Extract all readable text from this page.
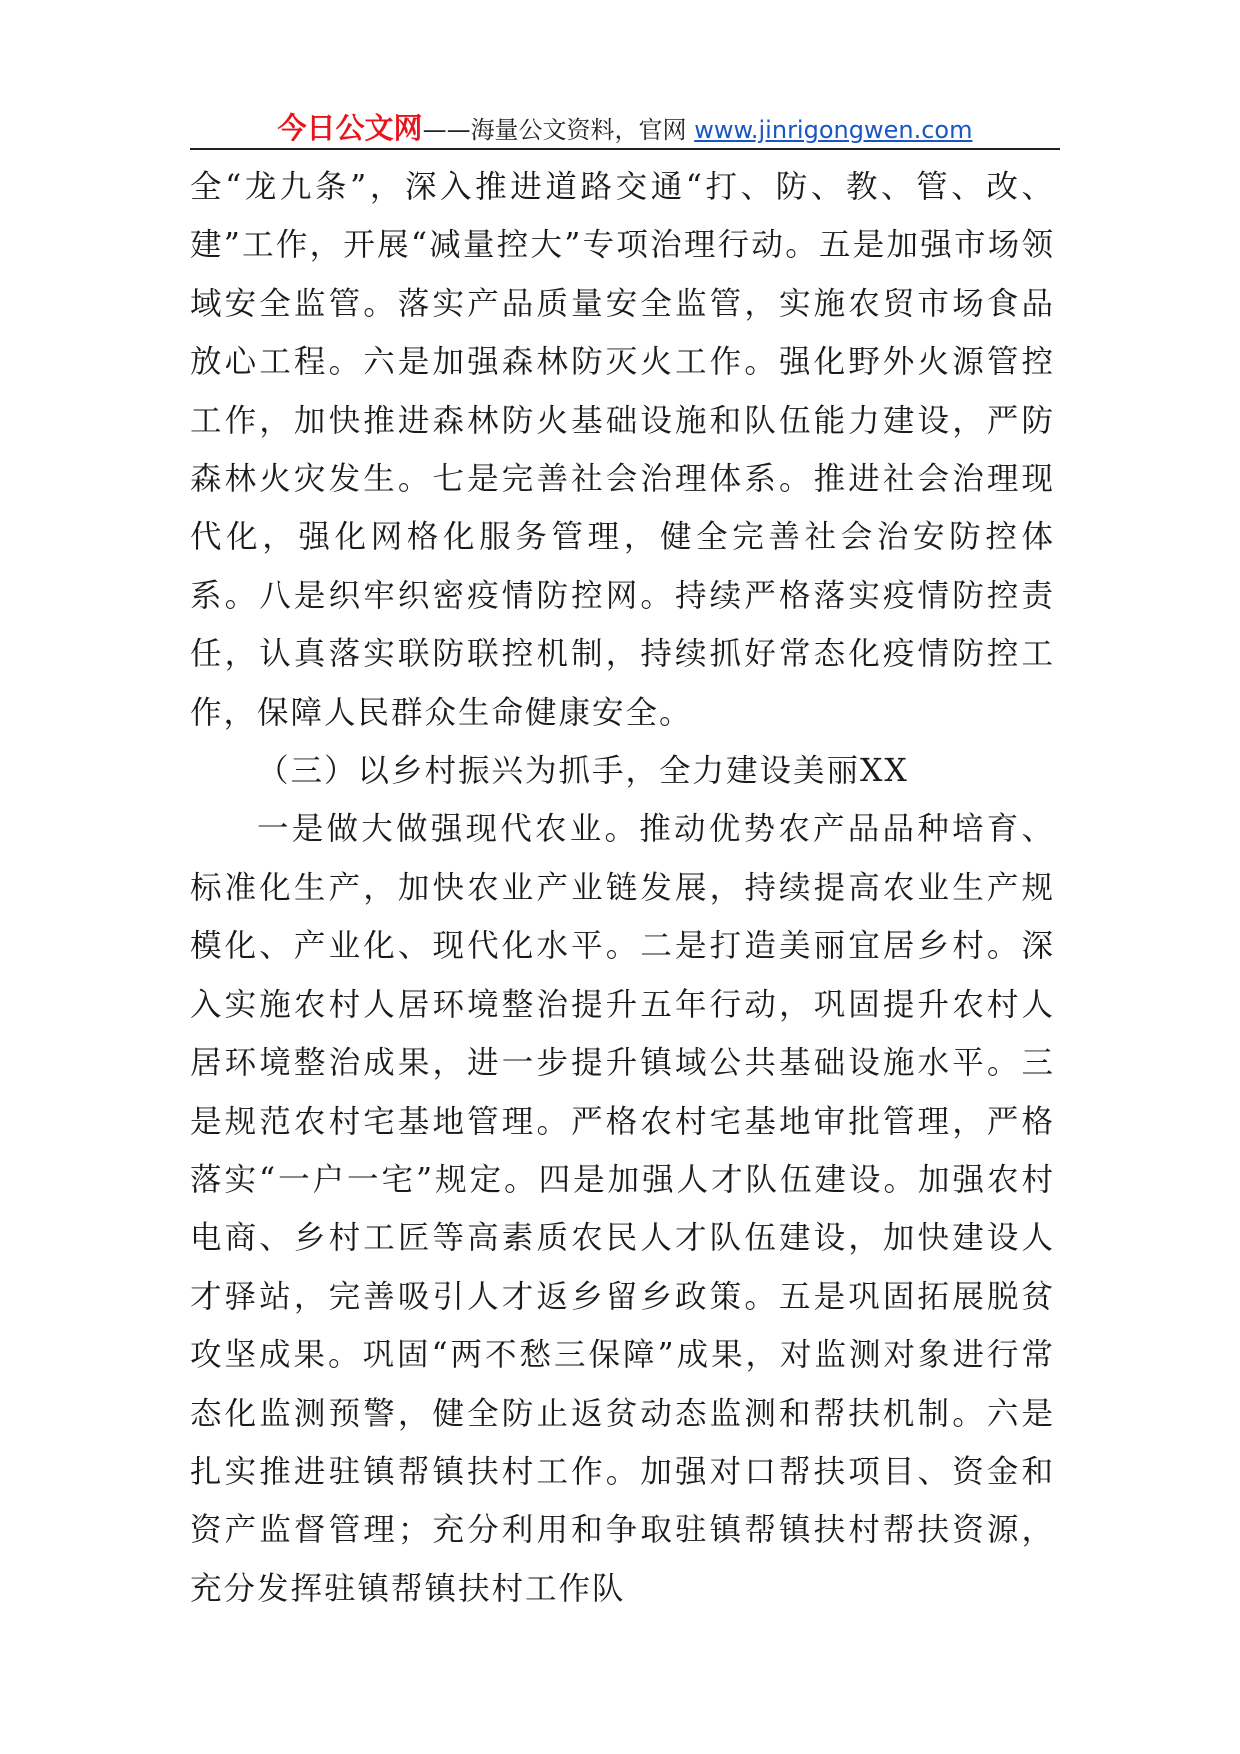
今日公文网——海量公文资料，官网 www.jinrigongwen.com

全“龙九条”，深入推进道路交通“打、防、教、管、改、建”工作，开展“减量控大”专项治理行动。五是加强市场领域安全监管。落实产品质量安全监管，实施农贸市场食品放心工程。六是加强森林防灭火工作。强化野外火源管控工作，加快推进森林防火基础设施和队伍能力建设，严防森林火灾发生。七是完善社会治理体系。推进社会治理现代化，强化网格化服务管理，健全完善社会治安防控体系。八是织牢织密疫情防控网。持续严格落实疫情防控责任，认真落实联防联控机制，持续抓好常态化疫情防控工作，保障人民群众生命健康安全。

（三）以乡村振兴为抓手，全力建设美丽XX

一是做大做强现代农业。推动优势农产品品种培育、标准化生产，加快农业产业链发展，持续提高农业生产规模化、产业化、现代化水平。二是打造美丽宜居乡村。深入实施农村人居环境整治提升五年行动，巩固提升农村人居环境整治成果，进一步提升镇域公共基础设施水平。三是规范农村宅基地管理。严格农村宅基地审批管理，严格落实“一户一宅”规定。四是加强人才队伍建设。加强农村电商、乡村工匠等高素质农民人才队伍建设，加快建设人才驿站，完善吸引人才返乡留乡政策。五是巩固拓展脱贫攻坚成果。巩固“两不愁三保障”成果，对监测对象进行常态化监测预警，健全防止返贫动态监测和帮扶机制。六是扎实推进驻镇帮镇扶村工作。加强对口帮扶项目、资金和资产监督管理；充分利用和争取驻镇帮镇扶村帮扶资源，充分发挥驻镇帮镇扶村工作队
